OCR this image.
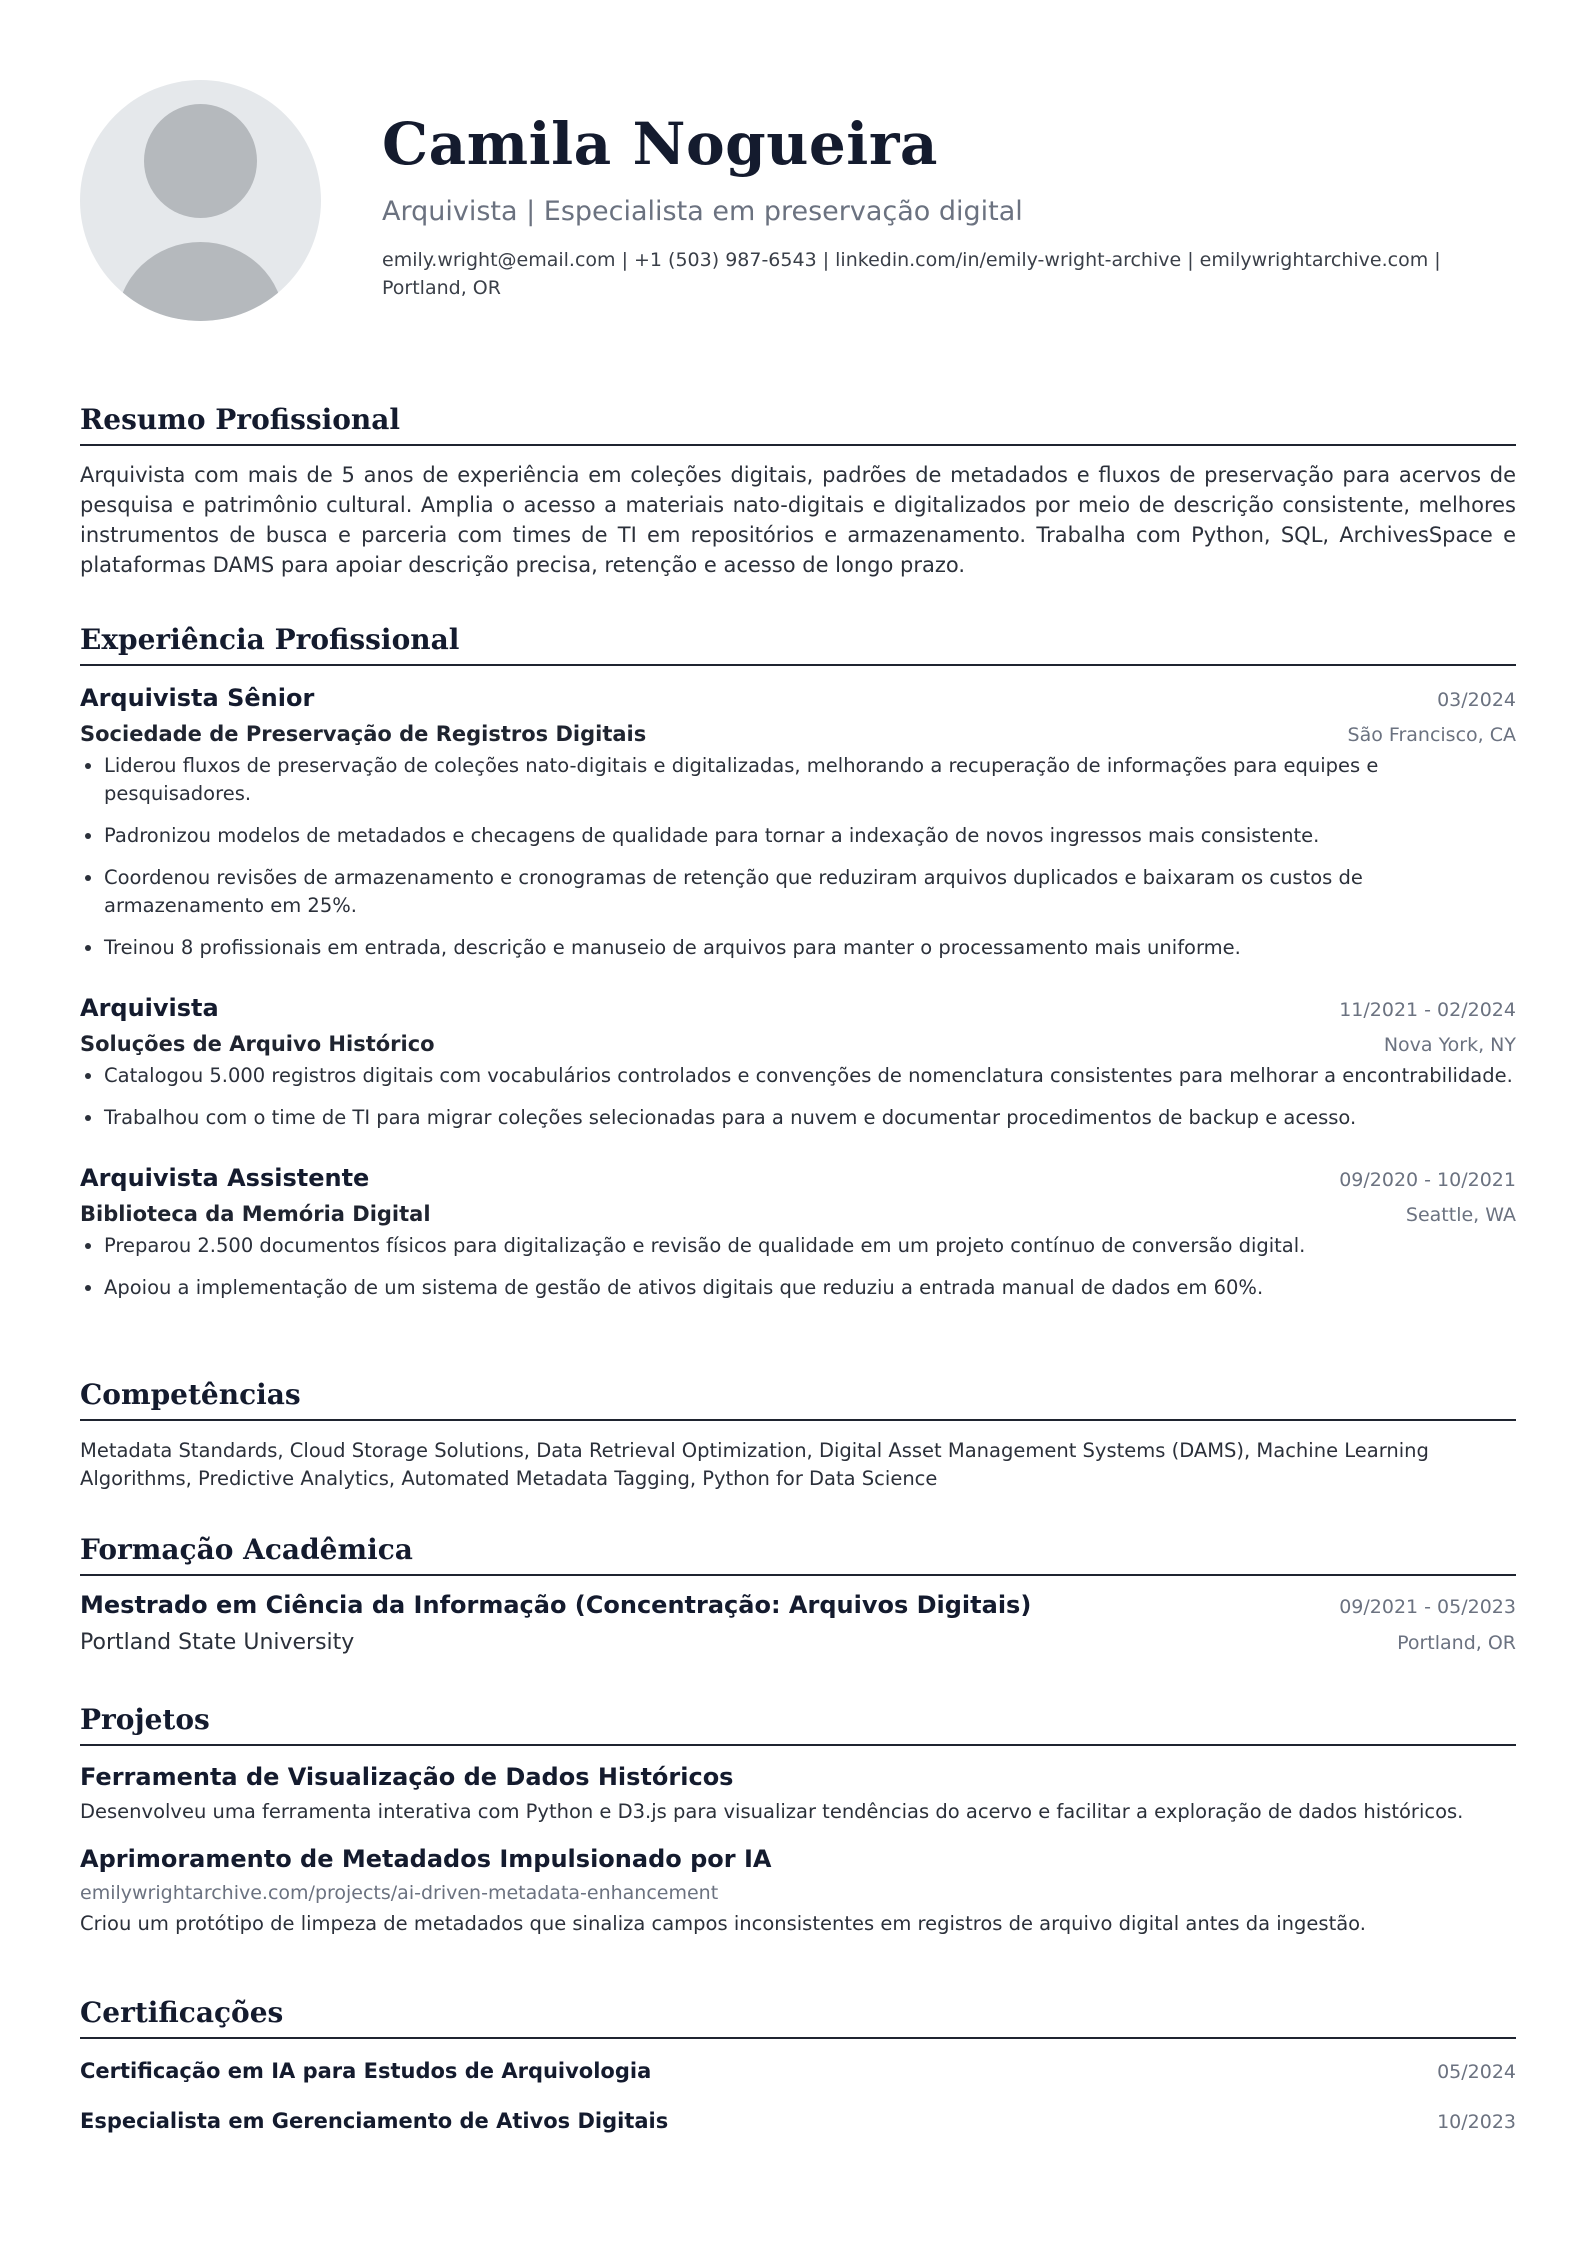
Camila Nogueira
Arquivista | Especialista em preservação digital
emily.wright@email.com | +1 (503) 987-6543 | linkedin.com/in/emily-wright-archive | emilywrightarchive.com | Portland, OR
Resumo Profissional
Arquivista com mais de 5 anos de experiência em coleções digitais, padrões de metadados e fluxos de preservação para acervos de pesquisa e patrimônio cultural. Amplia o acesso a materiais nato-digitais e digitalizados por meio de descrição consistente, melhores instrumentos de busca e parceria com times de TI em repositórios e armazenamento. Trabalha com Python, SQL, ArchivesSpace e plataformas DAMS para apoiar descrição precisa, retenção e acesso de longo prazo.
Experiência Profissional
Arquivista Sênior	03/2024
Sociedade de Preservação de Registros Digitais	São Francisco, CA
• Liderou fluxos de preservação de coleções nato-digitais e digitalizadas, melhorando a recuperação de informações para equipes e pesquisadores.
• Padronizou modelos de metadados e checagens de qualidade para tornar a indexação de novos ingressos mais consistente.
• Coordenou revisões de armazenamento e cronogramas de retenção que reduziram arquivos duplicados e baixaram os custos de armazenamento em 25%.
• Treinou 8 profissionais em entrada, descrição e manuseio de arquivos para manter o processamento mais uniforme.
Arquivista	11/2021 - 02/2024
Soluções de Arquivo Histórico	Nova York, NY
• Catalogou 5.000 registros digitais com vocabulários controlados e convenções de nomenclatura consistentes para melhorar a encontrabilidade.
• Trabalhou com o time de TI para migrar coleções selecionadas para a nuvem e documentar procedimentos de backup e acesso.
Arquivista Assistente	09/2020 - 10/2021
Biblioteca da Memória Digital	Seattle, WA
• Preparou 2.500 documentos físicos para digitalização e revisão de qualidade em um projeto contínuo de conversão digital.
• Apoiou a implementação de um sistema de gestão de ativos digitais que reduziu a entrada manual de dados em 60%.
Competências
Metadata Standards, Cloud Storage Solutions, Data Retrieval Optimization, Digital Asset Management Systems (DAMS), Machine Learning Algorithms, Predictive Analytics, Automated Metadata Tagging, Python for Data Science
Formação Acadêmica
Mestrado em Ciência da Informação (Concentração: Arquivos Digitais)	09/2021 - 05/2023
Portland State University	Portland, OR
Projetos
Ferramenta de Visualização de Dados Históricos
Desenvolveu uma ferramenta interativa com Python e D3.js para visualizar tendências do acervo e facilitar a exploração de dados históricos.
Aprimoramento de Metadados Impulsionado por IA
emilywrightarchive.com/projects/ai-driven-metadata-enhancement
Criou um protótipo de limpeza de metadados que sinaliza campos inconsistentes em registros de arquivo digital antes da ingestão.
Certificações
Certificação em IA para Estudos de Arquivologia	05/2024
Especialista em Gerenciamento de Ativos Digitais	10/2023
